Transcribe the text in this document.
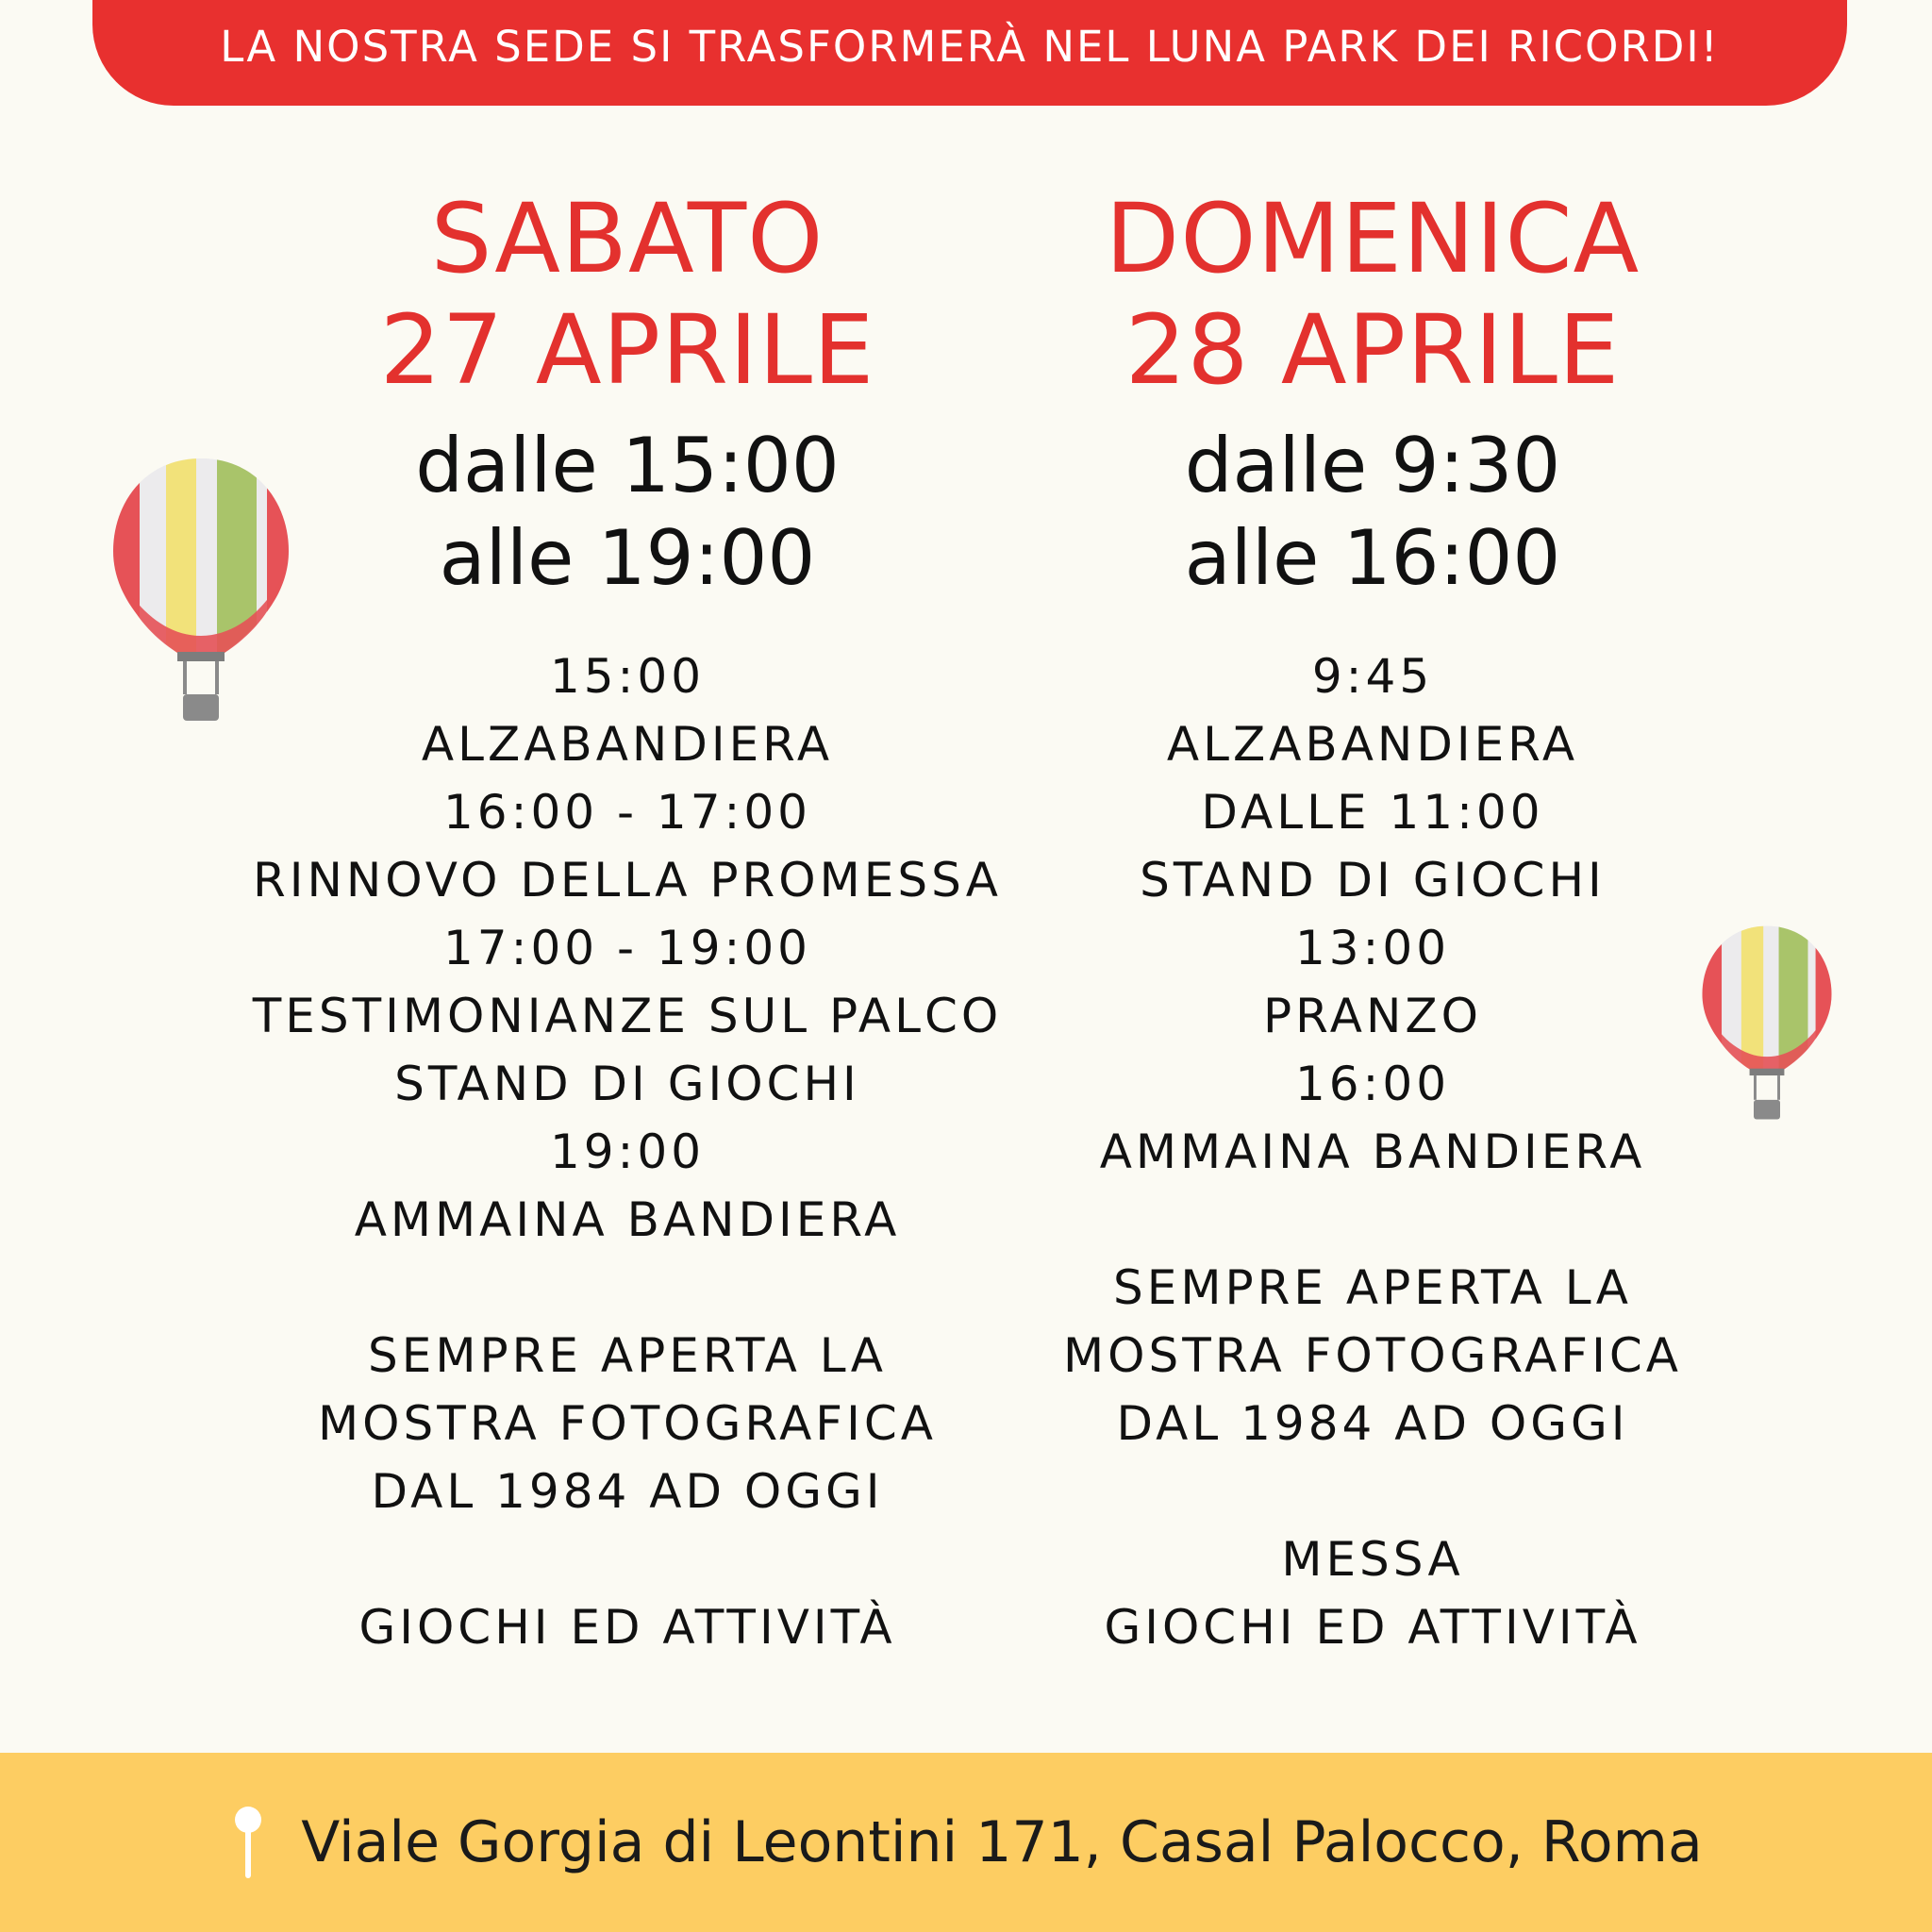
LA NOSTRA SEDE SI TRASFORMERÀ NEL LUNA PARK DEI RICORDI!
SABATO
27 APRILE
dalle 15:00
alle 19:00
15:00
ALZABANDIERA
16:00 - 17:00
RINNOVO DELLA PROMESSA
17:00 - 19:00
TESTIMONIANZE SUL PALCO
STAND DI GIOCHI
19:00
AMMAINA BANDIERA
SEMPRE APERTA LA
MOSTRA FOTOGRAFICA
DAL 1984 AD OGGI
GIOCHI ED ATTIVITÀ
DOMENICA
28 APRILE
dalle 9:30
alle 16:00
9:45
ALZABANDIERA
DALLE 11:00
STAND DI GIOCHI
13:00
PRANZO
16:00
AMMAINA BANDIERA
SEMPRE APERTA LA
MOSTRA FOTOGRAFICA
DAL 1984 AD OGGI
MESSA
GIOCHI ED ATTIVITÀ
Viale Gorgia di Leontini 171, Casal Palocco, Roma
